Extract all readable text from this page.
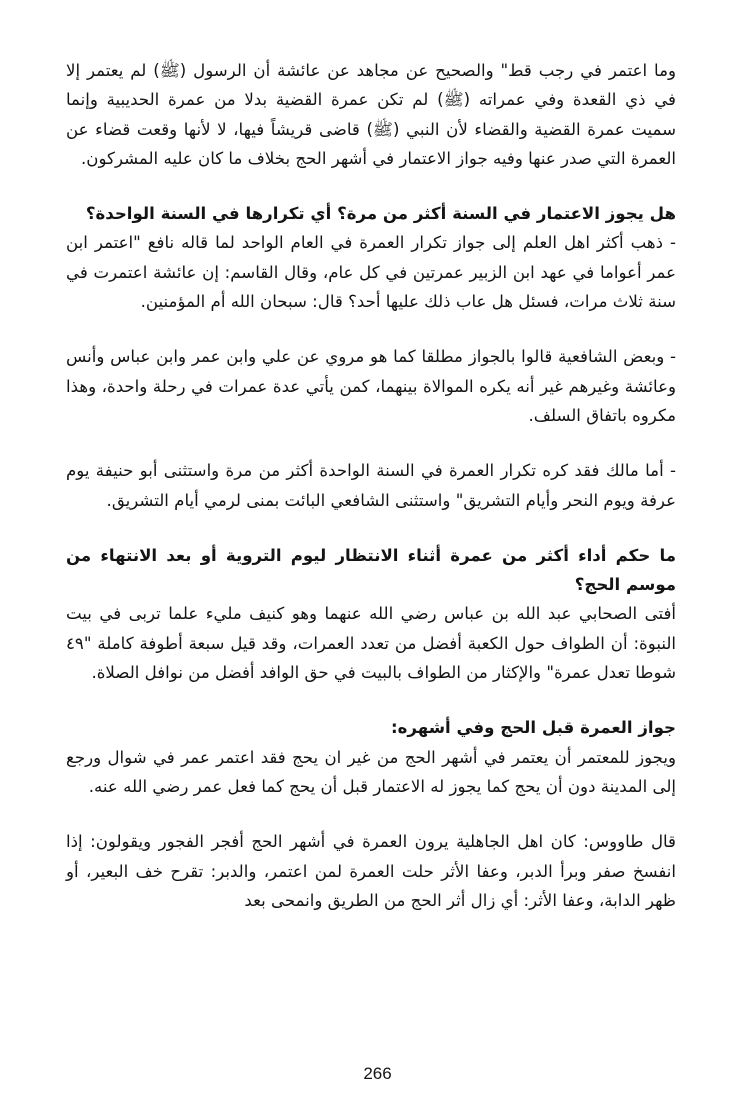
وما اعتمر في رجب قط" والصحيح عن مجاهد عن عائشة أن الرسول (ﷺ) لم يعتمر إلا في ذي القعدة وفي عمراته (ﷺ) لم تكن عمرة القضية بدلا من عمرة الحديبية وإنما سميت عمرة القضية والقضاء لأن النبي (ﷺ) قاضى قريشاً فيها، لا لأنها وقعت قضاء عن العمرة التي صدر عنها وفيه جواز الاعتمار في أشهر الحج بخلاف ما كان عليه المشركون.

هل يجوز الاعتمار في السنة أكثر من مرة؟ أي تكرارها في السنة الواحدة؟

- ذهب أكثر اهل العلم إلى جواز تكرار العمرة في العام الواحد لما قاله نافع "اعتمر ابن عمر أعواما في عهد ابن الزبير عمرتين في كل عام، وقال القاسم: إن عائشة اعتمرت في سنة ثلاث مرات، فسئل هل عاب ذلك عليها أحد؟ قال: سبحان الله أم المؤمنين.

- وبعض الشافعية قالوا بالجواز مطلقا كما هو مروي عن علي وابن عمر وابن عباس وأنس وعائشة وغيرهم غير أنه يكره الموالاة بينهما، كمن يأتي عدة عمرات في رحلة واحدة، وهذا مكروه باتفاق السلف.

- أما مالك فقد كره تكرار العمرة في السنة الواحدة أكثر من مرة واستثنى أبو حنيفة يوم عرفة ويوم النحر وأيام التشريق" واستثنى الشافعي البائت بمنى لرمي أيام التشريق.

ما حكم أداء أكثر من عمرة أثناء الانتظار ليوم التروية أو بعد الانتهاء من موسم الحج؟

أفتى الصحابي عبد الله بن عباس رضي الله عنهما وهو كنيف مليء علما تربى في بيت النبوة: أن الطواف حول الكعبة أفضل من تعدد العمرات، وقد قيل سبعة أطوفة كاملة "٤٩ شوطا تعدل عمرة" والإكثار من الطواف بالبيت في حق الوافد أفضل من نوافل الصلاة.

جواز العمرة قبل الحج وفي أشهره:

ويجوز للمعتمر أن يعتمر في أشهر الحج من غير ان يحج فقد اعتمر عمر في شوال ورجع إلى المدينة دون أن يحج كما يجوز له الاعتمار قبل أن يحج كما فعل عمر رضي الله عنه.

قال طاووس: كان اهل الجاهلية يرون العمرة في أشهر الحج أفجر الفجور ويقولون: إذا انفسخ صفر وبرأ الدبر، وعفا الأثر حلت العمرة لمن اعتمر، والدبر: تقرح خف البعير، أو ظهر الدابة، وعفا الأثر: أي زال أثر الحج من الطريق وانمحى بعد

266
